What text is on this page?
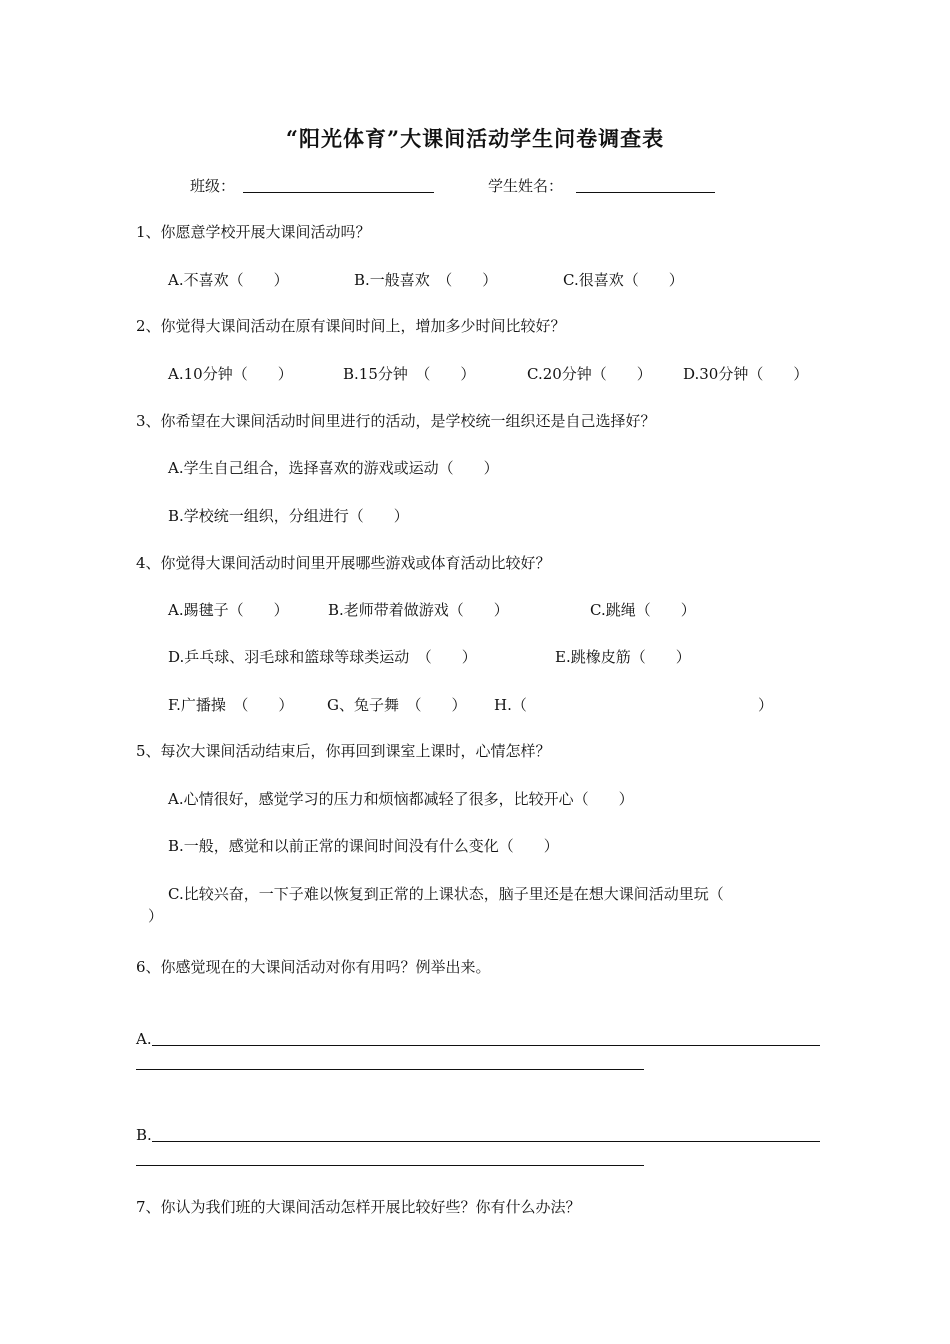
“阳光体育”大课间活动学生问卷调查表
班级：	学生姓名：
1、你愿意学校开展大课间活动吗？
A.不喜欢（　　）	B.一般喜欢　（　　）	C.很喜欢（　　）
2、你觉得大课间活动在原有课间时间上，增加多少时间比较好？
A.10分钟（　　）	B.15分钟　（　　）	C.20分钟（　　） D.30分钟（　　）
3、你希望在大课间活动时间里进行的活动，是学校统一组织还是自己选择好？
A.学生自己组合，选择喜欢的游戏或运动（　　）
B.学校统一组织，分组进行（　　）
4、你觉得大课间活动时间里开展哪些游戏或体育活动比较好？
A.踢毽子（　　）	B.老师带着做游戏（　　）	C.跳绳（　　）
D.乒乓球、羽毛球和篮球等球类运动　（　　）	E.跳橡皮筋（　　）
F.广播操　（　　） G、兔子舞　（　　） H.（	）
5、每次大课间活动结束后，你再回到课室上课时，心情怎样？
A.心情很好，感觉学习的压力和烦恼都减轻了很多，比较开心（　　）
B.一般，感觉和以前正常的课间时间没有什么变化（　　）
C.比较兴奋，一下子难以恢复到正常的上课状态，脑子里还是在想大课间活动里玩（
）
6、你感觉现在的大课间活动对你有用吗？例举出来。
A.
B.
7、你认为我们班的大课间活动怎样开展比较好些？你有什么办法？
